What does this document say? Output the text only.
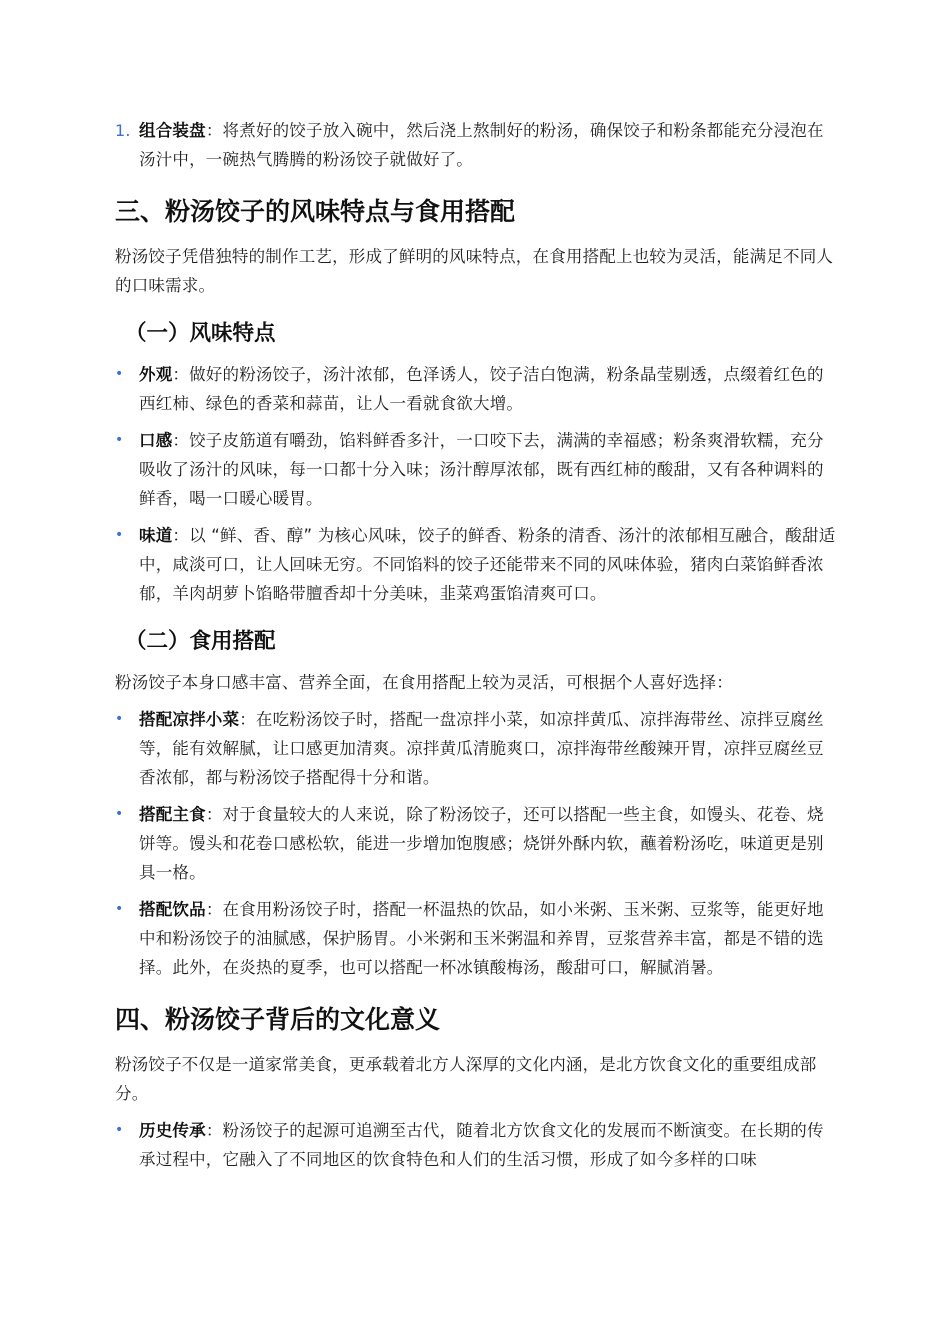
1. 组合装盘：将煮好的饺子放入碗中，然后浇上熬制好的粉汤，确保饺子和粉条都能充分浸泡在汤汁中，一碗热气腾腾的粉汤饺子就做好了。
三、粉汤饺子的风味特点与食用搭配

粉汤饺子凭借独特的制作工艺，形成了鲜明的风味特点，在食用搭配上也较为灵活，能满足不同人的口味需求。

（一）风味特点
• 外观：做好的粉汤饺子，汤汁浓郁，色泽诱人，饺子洁白饱满，粉条晶莹剔透，点缀着红色的西红柿、绿色的香菜和蒜苗，让人一看就食欲大增。
• 口感：饺子皮筋道有嚼劲，馅料鲜香多汁，一口咬下去，满满的幸福感；粉条爽滑软糯，充分吸收了汤汁的风味，每一口都十分入味；汤汁醇厚浓郁，既有西红柿的酸甜，又有各种调料的鲜香，喝一口暖心暖胃。
• 味道：以 “鲜、香、醇” 为核心风味，饺子的鲜香、粉条的清香、汤汁的浓郁相互融合，酸甜适中，咸淡可口，让人回味无穷。不同馅料的饺子还能带来不同的风味体验，猪肉白菜馅鲜香浓郁，羊肉胡萝卜馅略带膻香却十分美味，韭菜鸡蛋馅清爽可口。
（二）食用搭配

粉汤饺子本身口感丰富、营养全面，在食用搭配上较为灵活，可根据个人喜好选择：

• 搭配凉拌小菜：在吃粉汤饺子时，搭配一盘凉拌小菜，如凉拌黄瓜、凉拌海带丝、凉拌豆腐丝等，能有效解腻，让口感更加清爽。凉拌黄瓜清脆爽口，凉拌海带丝酸辣开胃，凉拌豆腐丝豆香浓郁，都与粉汤饺子搭配得十分和谐。
• 搭配主食：对于食量较大的人来说，除了粉汤饺子，还可以搭配一些主食，如馒头、花卷、烧饼等。馒头和花卷口感松软，能进一步增加饱腹感；烧饼外酥内软，蘸着粉汤吃，味道更是别具一格。
• 搭配饮品：在食用粉汤饺子时，搭配一杯温热的饮品，如小米粥、玉米粥、豆浆等，能更好地中和粉汤饺子的油腻感，保护肠胃。小米粥和玉米粥温和养胃，豆浆营养丰富，都是不错的选择。此外，在炎热的夏季，也可以搭配一杯冰镇酸梅汤，酸甜可口，解腻消暑。
四、粉汤饺子背后的文化意义

粉汤饺子不仅是一道家常美食，更承载着北方人深厚的文化内涵，是北方饮食文化的重要组成部分。

• 历史传承：粉汤饺子的起源可追溯至古代，随着北方饮食文化的发展而不断演变。在长期的传承过程中，它融入了不同地区的饮食特色和人们的生活习惯，形成了如今多样的口味
